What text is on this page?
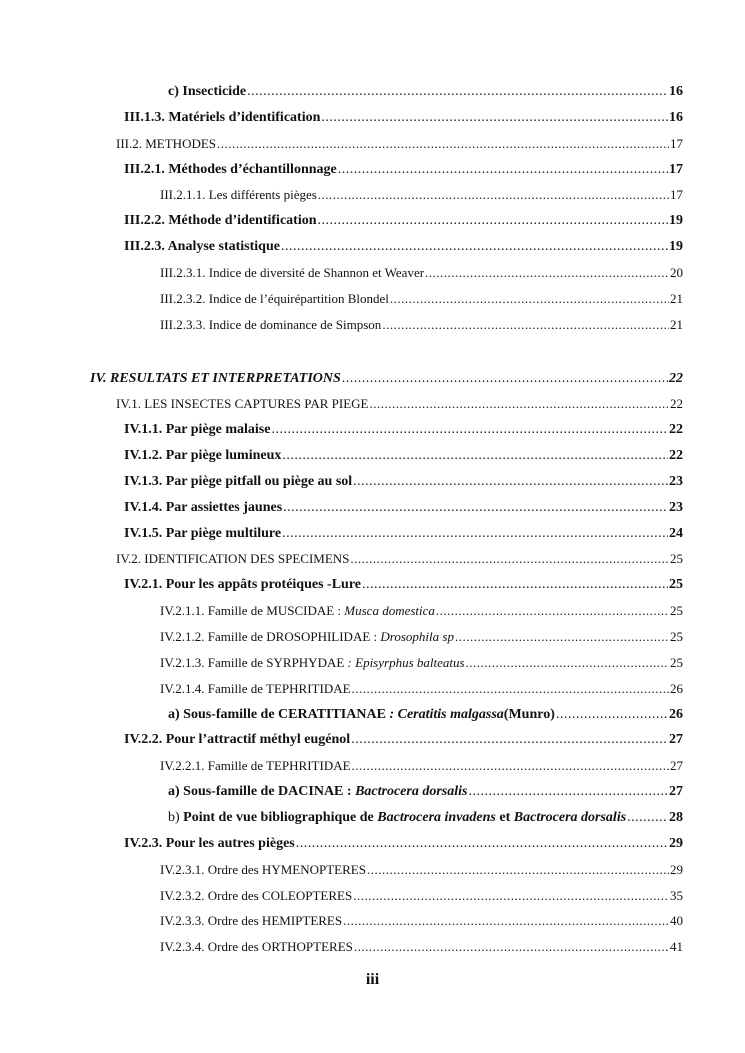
c) Insecticide .....	16
III.1.3. Matériels d’identification .....	16
III.2. METHODES .....	17
III.2.1. Méthodes d’échantillonnage .....	17
III.2.1.1. Les différents pièges .....	17
III.2.2. Méthode d’identification .....	19
III.2.3. Analyse statistique .....	19
III.2.3.1. Indice de diversité de Shannon et Weaver .....	20
III.2.3.2. Indice de l’équirépartition Blondel .....	21
III.2.3.3. Indice de dominance de Simpson .....	21
IV. RESULTATS ET INTERPRETATIONS .....	22
IV.1. LES INSECTES CAPTURES PAR PIEGE .....	22
IV.1.1. Par piège malaise .....	22
IV.1.2. Par piège lumineux .....	22
IV.1.3. Par piège pitfall ou piège au sol .....	23
IV.1.4. Par assiettes jaunes .....	23
IV.1.5. Par piège multilure .....	24
IV.2. IDENTIFICATION DES SPECIMENS .....	25
IV.2.1. Pour les appâts protéiques -Lure .....	25
IV.2.1.1. Famille de MUSCIDAE : Musca domestica .....	25
IV.2.1.2. Famille de DROSOPHILIDAE : Drosophila sp .....	25
IV.2.1.3. Famille de SYRPHYDAE : Episyrphus balteatus .....	25
IV.2.1.4. Famille de TEPHRITIDAE .....	26
a) Sous-famille de CERATITIANAE : Ceratitis malgassa(Munro) .....	26
IV.2.2. Pour l’attractif méthyl eugénol .....	27
IV.2.2.1. Famille de TEPHRITIDAE .....	27
a) Sous-famille de DACINAE : Bactrocera dorsalis .....	27
b) Point de vue bibliographique de Bactrocera invadens et Bactrocera dorsalis .....	28
IV.2.3. Pour les autres pièges .....	29
IV.2.3.1. Ordre des HYMENOPTERES .....	29
IV.2.3.2. Ordre des COLEOPTERES .....	35
IV.2.3.3. Ordre des HEMIPTERES .....	40
IV.2.3.4. Ordre des ORTHOPTERES .....	41
iii
